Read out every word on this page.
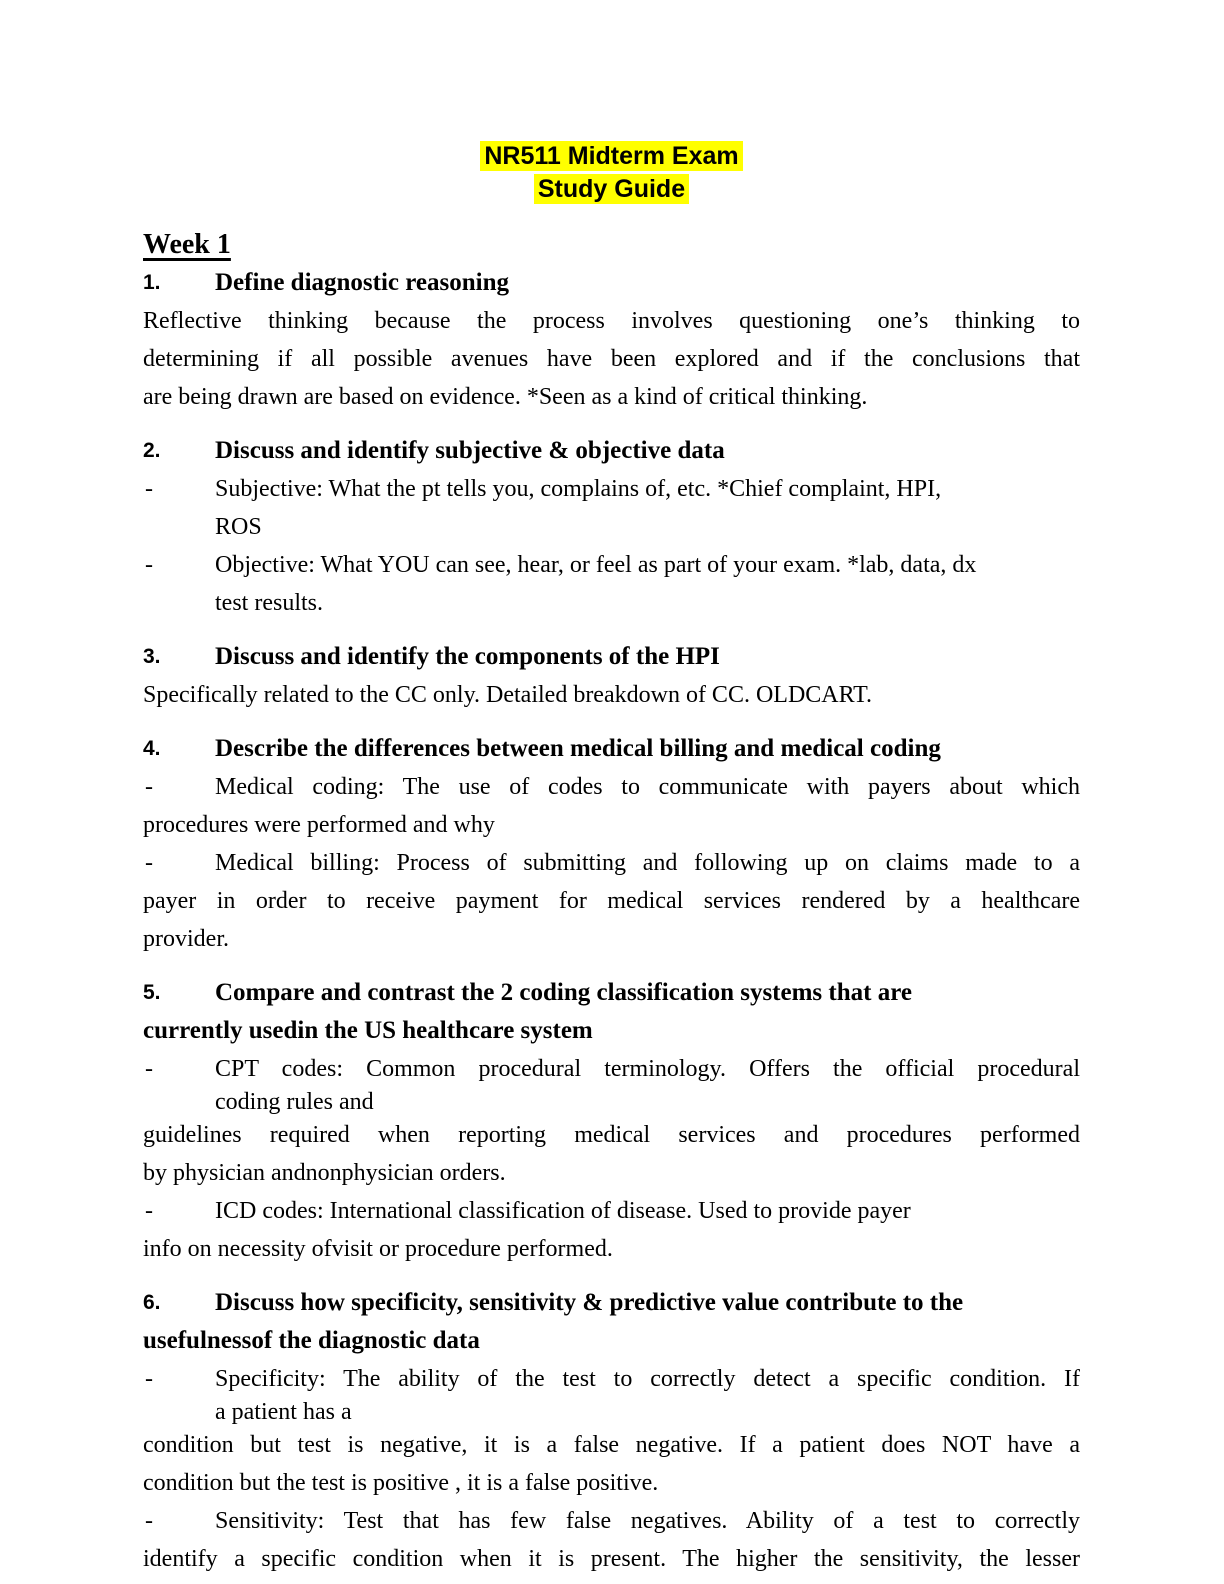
NR511 Midterm Exam
Study Guide
Week 1
1. Define diagnostic reasoning
Reflective thinking because the process involves questioning one’s thinking to
determining if all possible avenues have been explored and if the conclusions that
are being drawn are based on evidence. *Seen as a kind of critical thinking.
2. Discuss and identify subjective & objective data
-	Subjective: What the pt tells you, complains of, etc. *Chief complaint, HPI,
ROS
-	Objective: What YOU can see, hear, or feel as part of your exam. *lab, data, dx
test results.
3. Discuss and identify the components of the HPI
Specifically related to the CC only. Detailed breakdown of CC. OLDCART.
4. Describe the differences between medical billing and medical coding
-	Medical coding: The use of codes to communicate with payers about which
procedures were performed and why
-	Medical billing: Process of submitting and following up on claims made to a
payer in order to receive payment for medical services rendered by a healthcare
provider.
5. Compare and contrast the 2 coding classification systems that are
currently usedin the US healthcare system
-	CPT codes: Common procedural terminology. Offers the official procedural
coding rules and
guidelines required when reporting medical services and procedures performed
by physician andnonphysician orders.
-	ICD codes: International classification of disease. Used to provide payer
info on necessity ofvisit or procedure performed.
6. Discuss how specificity, sensitivity & predictive value contribute to the
usefulnessof the diagnostic data
-	Specificity: The ability of the test to correctly detect a specific condition. If
a patient has a
condition but test is negative, it is a false negative. If a patient does NOT have a
condition but the test is positive , it is a false positive.
-	Sensitivity: Test that has few false negatives. Ability of a test to correctly
identify a specific condition when it is present. The higher the sensitivity, the lesser
